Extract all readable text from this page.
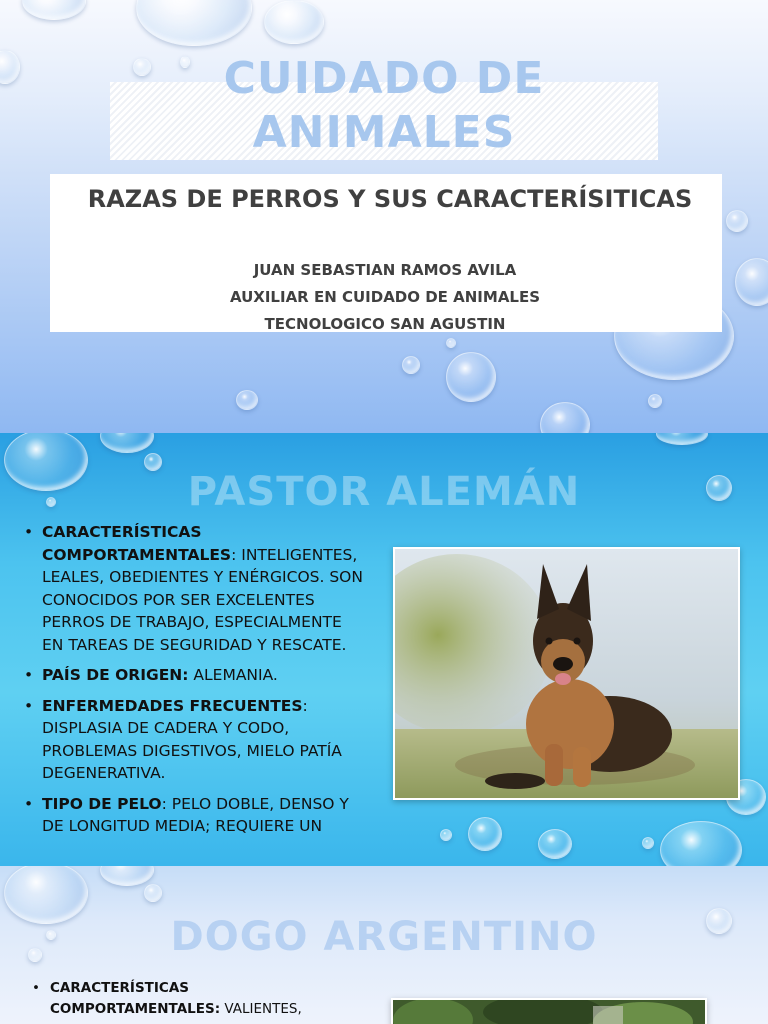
CUIDADO DE ANIMALES
RAZAS DE PERROS Y SUS CARACTERÍSITICAS
JUAN SEBASTIAN RAMOS AVILA
AUXILIAR EN CUIDADO DE ANIMALES
TECNOLOGICO SAN AGUSTIN
PASTOR ALEMÁN
• CARACTERÍSTICAS COMPORTAMENTALES: INTELIGENTES, LEALES, OBEDIENTES Y ENÉRGICOS. SON CONOCIDOS POR SER EXCELENTES PERROS DE TRABAJO, ESPECIALMENTE EN TAREAS DE SEGURIDAD Y RESCATE.
• PAÍS DE ORIGEN: ALEMANIA.
• ENFERMEDADES FRECUENTES: DISPLASIA DE CADERA Y CODO, PROBLEMAS DIGESTIVOS, MIELO PATÍA DEGENERATIVA.
• TIPO DE PELO: PELO DOBLE, DENSO Y DE LONGITUD MEDIA; REQUIERE UN
DOGO ARGENTINO
• CARACTERÍSTICAS COMPORTAMENTALES: VALIENTES,
